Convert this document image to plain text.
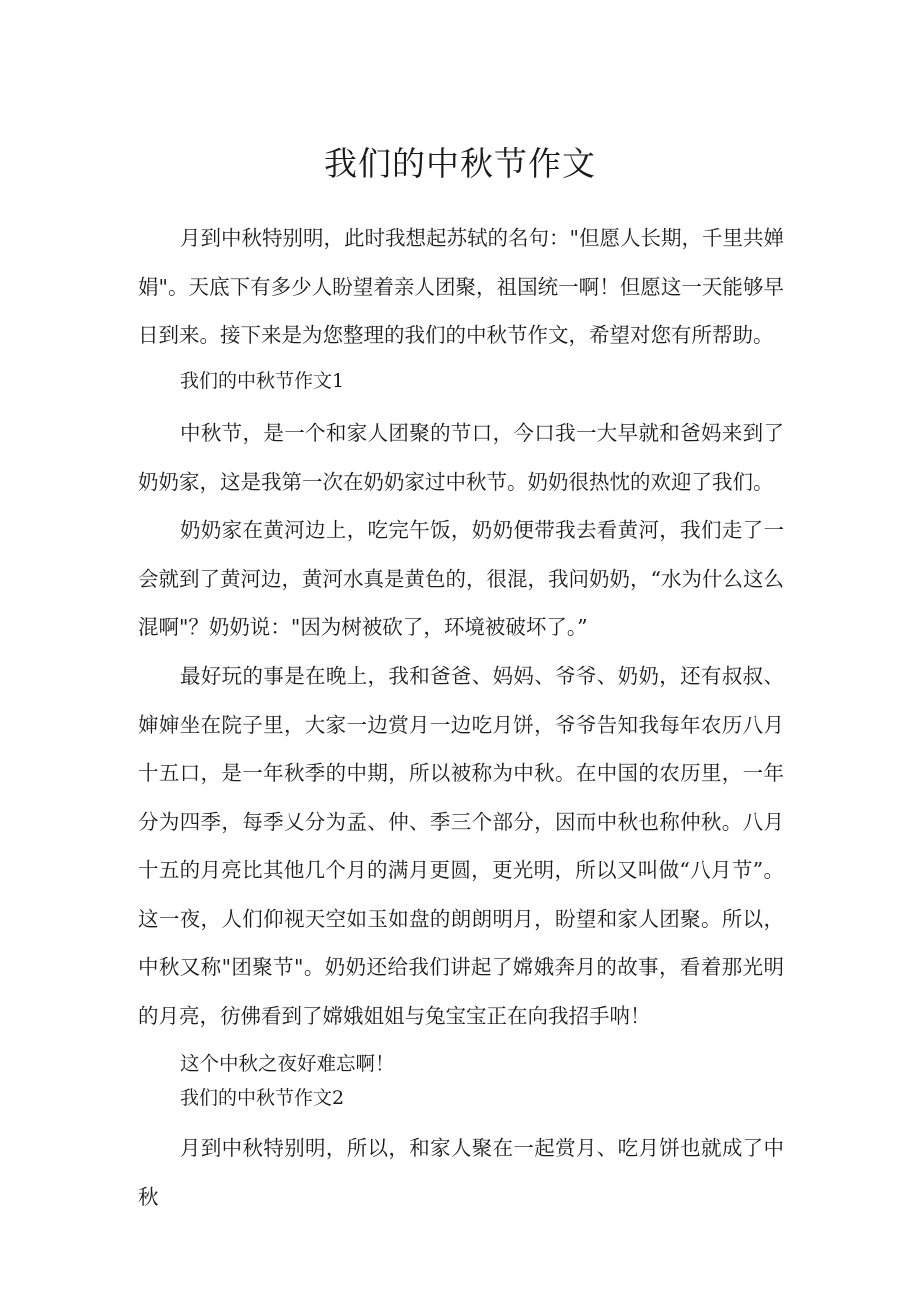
我们的中秋节作文

月到中秋特别明，此时我想起苏轼的名句："但愿人长期，千里共婵娟"。天底下有多少人盼望着亲人团聚，祖国统一啊！但愿这一天能够早日到来。接下来是为您整理的我们的中秋节作文，希望对您有所帮助。

我们的中秋节作文1

中秋节，是一个和家人团聚的节口，今口我一大早就和爸妈来到了奶奶家，这是我第一次在奶奶家过中秋节。奶奶很热忱的欢迎了我们。

奶奶家在黄河边上，吃完午饭，奶奶便带我去看黄河，我们走了一会就到了黄河边，黄河水真是黄色的，很混，我问奶奶，“水为什么这么混啊"？奶奶说："因为树被砍了，环境被破坏了。”

最好玩的事是在晚上，我和爸爸、妈妈、爷爷、奶奶，还有叔叔、婶婶坐在院子里，大家一边赏月一边吃月饼，爷爷告知我每年农历八月十五口，是一年秋季的中期，所以被称为中秋。在中国的农历里，一年分为四季，每季乂分为孟、仲、季三个部分，因而中秋也称仲秋。八月十五的月亮比其他几个月的满月更圆，更光明，所以又叫做“八月节”。这一夜，人们仰视天空如玉如盘的朗朗明月，盼望和家人团聚。所以，中秋又称"团聚节"。奶奶还给我们讲起了嫦娥奔月的故事，看着那光明的月亮，彷佛看到了嫦娥姐姐与兔宝宝正在向我招手呐！

这个中秋之夜好难忘啊！

我们的中秋节作文2

月到中秋特别明，所以，和家人聚在一起赏月、吃月饼也就成了中秋
